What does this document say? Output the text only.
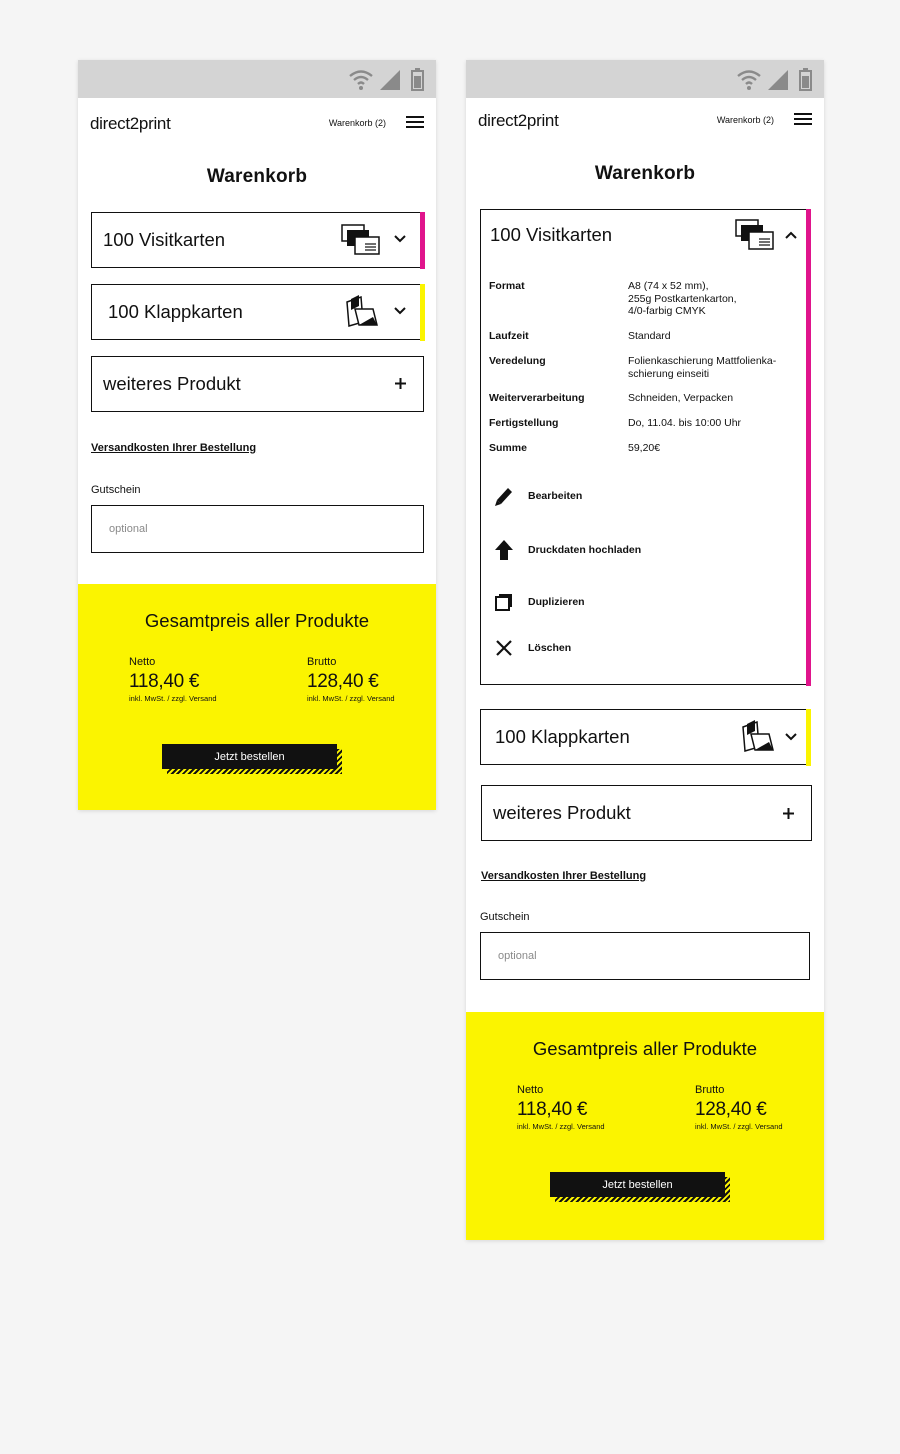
direct2print	Warenkorb (2)
Warenkorb
100 Visitkarten
100 Klappkarten
weiteres Produkt
Versandkosten Ihrer Bestellung
Gutschein
optional
Gesamtpreis aller Produkte
Netto
118,40 €
inkl. MwSt. / zzgl. Versand
Brutto
128,40 €
inkl. MwSt. / zzgl. Versand
Jetzt bestellen
direct2print	Warenkorb (2)
Warenkorb
100 Visitkarten
Format	A8 (74 x 52 mm),
255g Postkartenkarton,
4/0-farbig CMYK
Laufzeit	Standard
Veredelung	Folienkaschierung Mattfolienka-
schierung einseiti
Weiterverarbeitung	Schneiden, Verpacken
Fertigstellung	Do, 11.04. bis 10:00 Uhr
Summe	59,20€
Bearbeiten
Druckdaten hochladen
Duplizieren
Löschen
100 Klappkarten
weiteres Produkt
Versandkosten Ihrer Bestellung
Gutschein
optional
Gesamtpreis aller Produkte
Netto
118,40 €
inkl. MwSt. / zzgl. Versand
Brutto
128,40 €
inkl. MwSt. / zzgl. Versand
Jetzt bestellen
